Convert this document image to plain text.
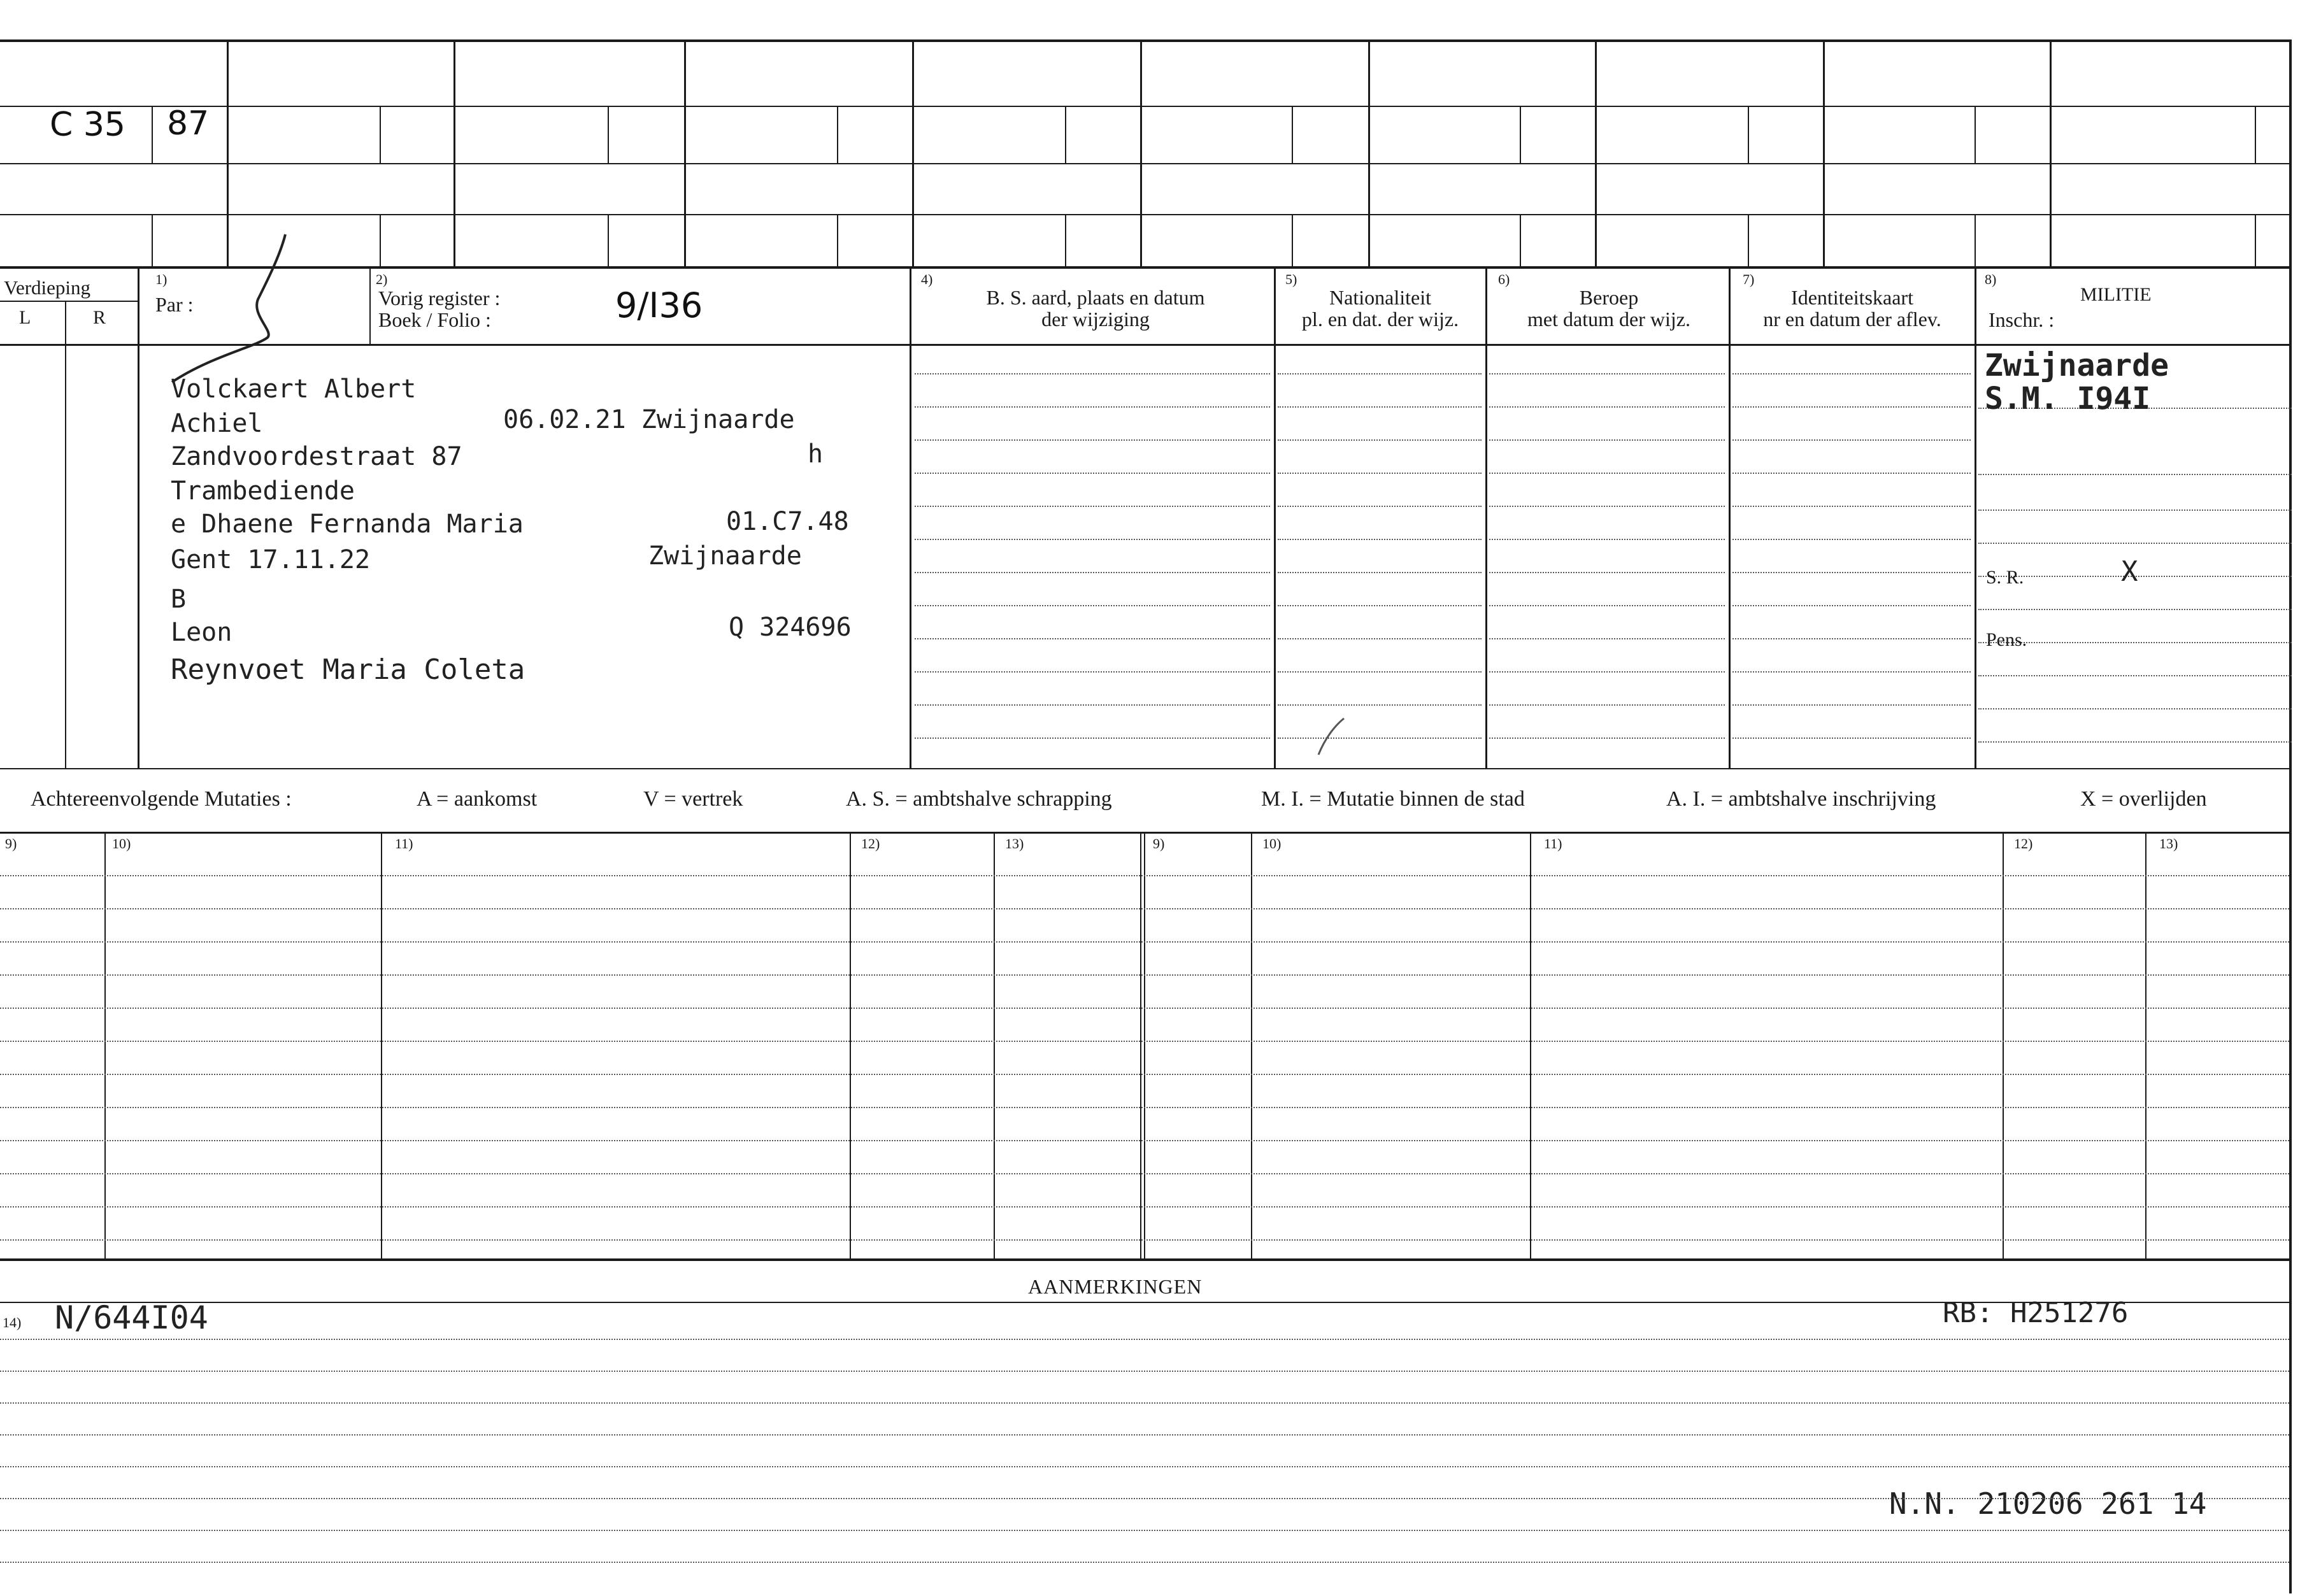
C 35 87
Verdieping
L	R
1)
Par :
2)
Vorig register :
Boek / Folio :	9/I36
4)
B. S. aard, plaats en datum
der wijziging
5)
Nationaliteit
pl. en dat. der wijz.
6)
Beroep
met datum der wijz.
7)
Identiteitskaart
nr en datum der aflev.
8)
MILITIE
Inschr. :
Volckaert Albert
Achiel	06.02.21 Zwijnaarde
Zandvoordestraat 87	h
Trambediende
e Dhaene Fernanda Maria	01.C7.48
Gent 17.11.22	Zwijnaarde
B
Leon	Q 324696
Reynvoet Maria Coleta
Zwijnaarde
S.M. I94I
S. R.	X
Pens.
Achtereenvolgende Mutaties :	A = aankomst	V = vertrek	A. S. = ambtshalve schrapping	M. I. = Mutatie binnen de stad	A. I. = ambtshalve inschrijving	X = overlijden
9)	10)	11)	12)	13)	9)	10)	11)	12)	13)
AANMERKINGEN
14) N/644I04	RB: H251276
N.N. 210206 261 14
